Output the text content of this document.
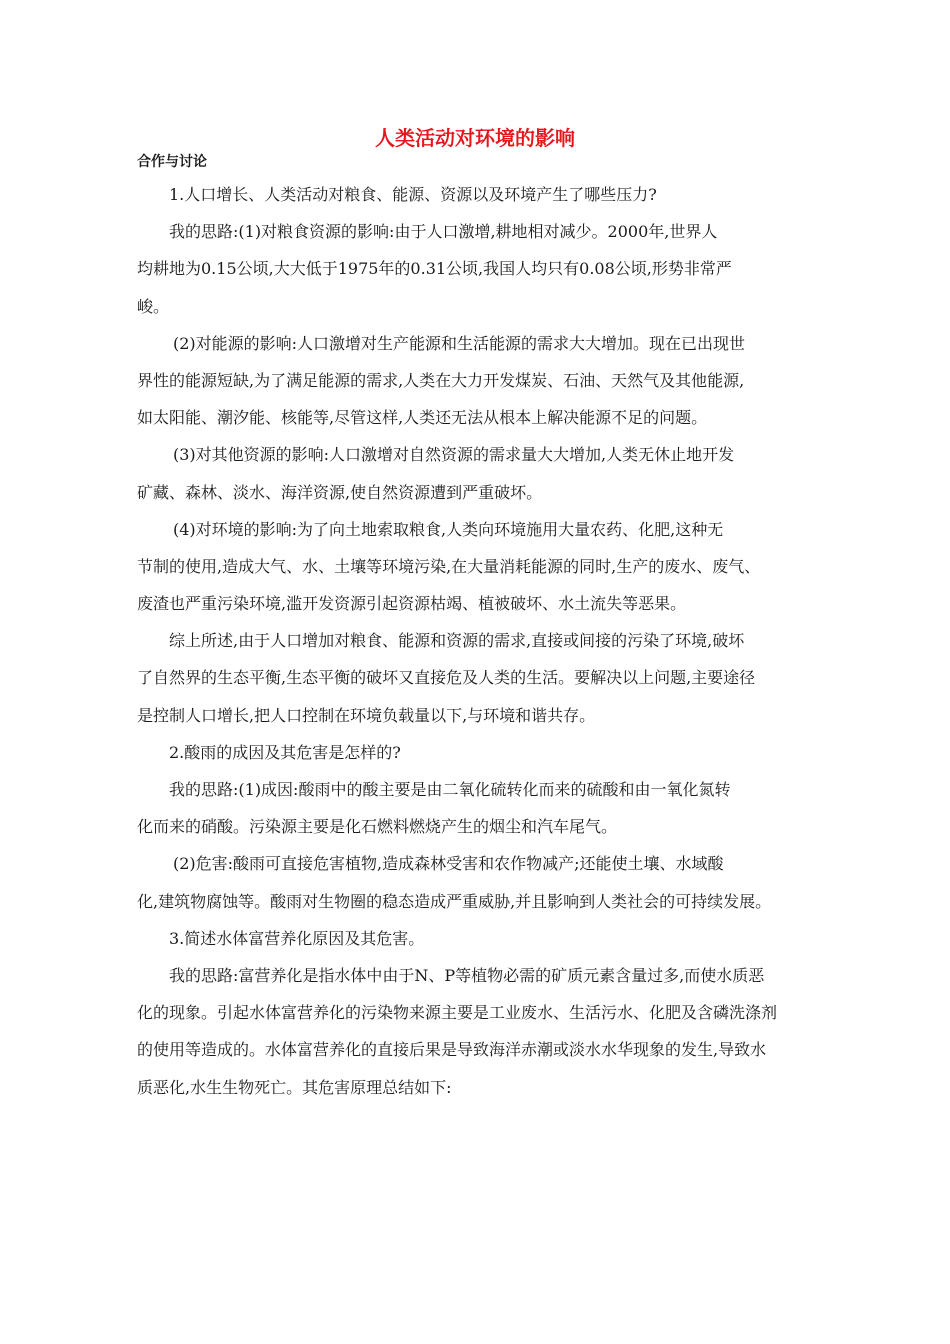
人类活动对环境的影响
合作与讨论
1.人口增长、人类活动对粮食、能源、资源以及环境产生了哪些压力?
我的思路:(1)对粮食资源的影响:由于人口激增,耕地相对减少。2000年,世界人
均耕地为0.15公顷,大大低于1975年的0.31公顷,我国人均只有0.08公顷,形势非常严
峻。
(2)对能源的影响:人口激增对生产能源和生活能源的需求大大增加。现在已出现世
界性的能源短缺,为了满足能源的需求,人类在大力开发煤炭、石油、天然气及其他能源,
如太阳能、潮汐能、核能等,尽管这样,人类还无法从根本上解决能源不足的问题。
(3)对其他资源的影响:人口激增对自然资源的需求量大大增加,人类无休止地开发
矿藏、森林、淡水、海洋资源,使自然资源遭到严重破坏。
(4)对环境的影响:为了向土地索取粮食,人类向环境施用大量农药、化肥,这种无
节制的使用,造成大气、水、土壤等环境污染,在大量消耗能源的同时,生产的废水、废气、
废渣也严重污染环境,滥开发资源引起资源枯竭、植被破坏、水土流失等恶果。
综上所述,由于人口增加对粮食、能源和资源的需求,直接或间接的污染了环境,破坏
了自然界的生态平衡,生态平衡的破坏又直接危及人类的生活。要解决以上问题,主要途径
是控制人口增长,把人口控制在环境负载量以下,与环境和谐共存。
2.酸雨的成因及其危害是怎样的?
我的思路:(1)成因:酸雨中的酸主要是由二氧化硫转化而来的硫酸和由一氧化氮转
化而来的硝酸。污染源主要是化石燃料燃烧产生的烟尘和汽车尾气。
(2)危害:酸雨可直接危害植物,造成森林受害和农作物减产;还能使土壤、水域酸
化,建筑物腐蚀等。酸雨对生物圈的稳态造成严重威胁,并且影响到人类社会的可持续发展。
3.简述水体富营养化原因及其危害。
我的思路:富营养化是指水体中由于N、P等植物必需的矿质元素含量过多,而使水质恶
化的现象。引起水体富营养化的污染物来源主要是工业废水、生活污水、化肥及含磷洗涤剂
的使用等造成的。水体富营养化的直接后果是导致海洋赤潮或淡水水华现象的发生,导致水
质恶化,水生生物死亡。其危害原理总结如下:
